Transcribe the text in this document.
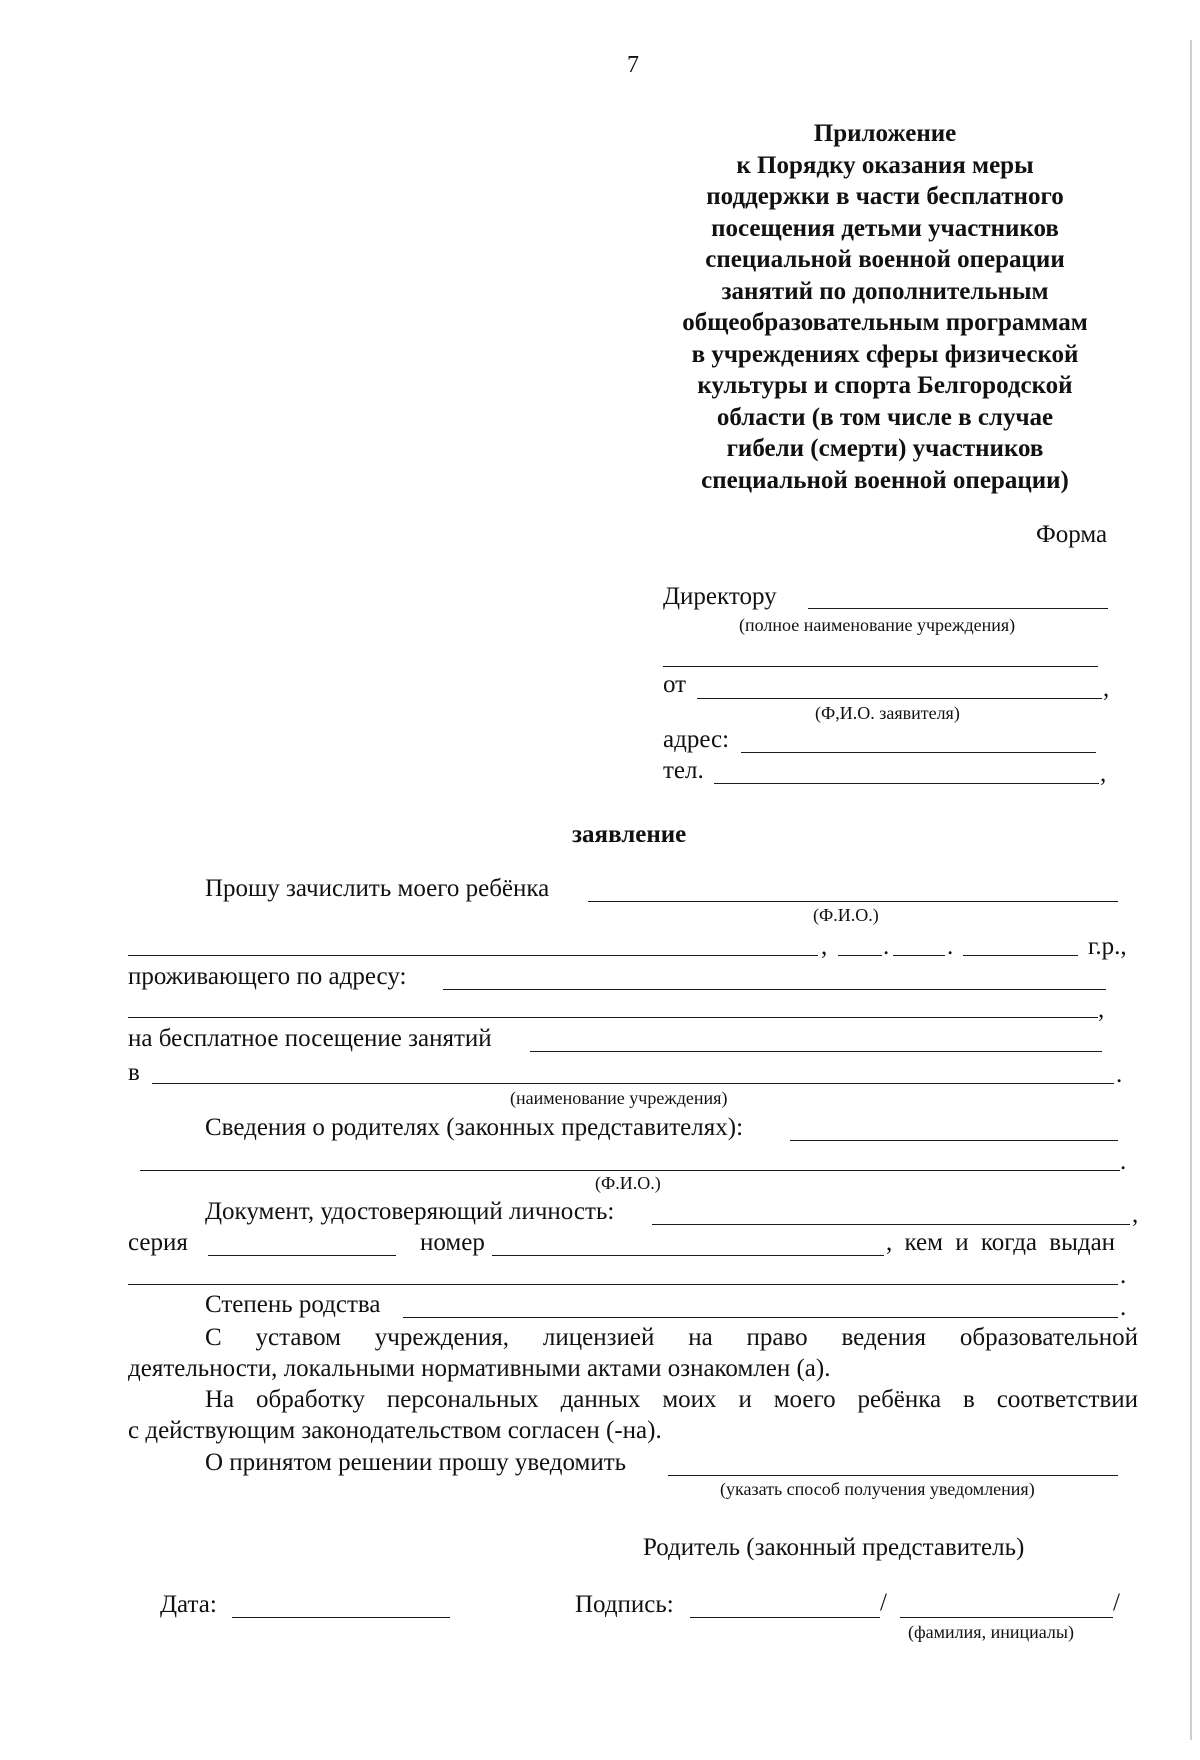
7
Приложение
к Порядку оказания меры
поддержки в части бесплатного
посещения детьми участников
специальной военной операции
занятий по дополнительным
общеобразовательным программам
в учреждениях сферы физической
культуры и спорта Белгородской
области (в том числе в случае
гибели (смерти) участников
специальной военной операции)
Форма
Директору
(полное наименование учреждения)
от	,
(Ф,И.О. заявителя)
адрес:
тел.	,
заявление
Прошу зачислить моего ребёнка
(Ф.И.О.)
, . .	г.р.,
проживающего по адресу:
,
на бесплатное посещение занятий
в	.
(наименование учреждения)
Сведения о родителях (законных представителях):
.
(Ф.И.О.)
Документ, удостоверяющий личность:	,
серия	номер	, кем и когда выдан
.
Степень родства	.
С уставом учреждения, лицензией на право ведения образовательной
деятельности, локальными нормативными актами ознакомлен (а).
На обработку персональных данных моих и моего ребёнка в соответствии
с действующим законодательством согласен (-на).
О принятом решении прошу уведомить
(указать способ получения уведомления)
Родитель (законный представитель)
Дата:	Подпись:	/	/
(фамилия, инициалы)
